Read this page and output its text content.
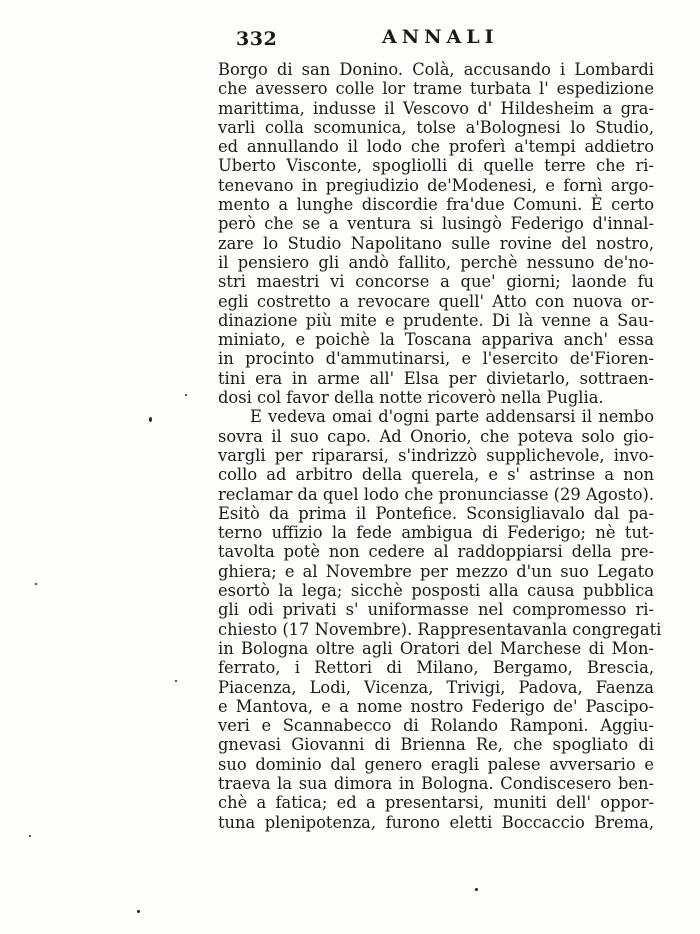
332	ANNALI
Borgo di san Donino. Colà, accusando i Lombardi
che avessero colle lor trame turbata l' espedizione
marittima, indusse il Vescovo d' Hildesheim a gra-
varli colla scomunica, tolse a'Bolognesi lo Studio,
ed annullando il lodo che proferì a'tempi addietro
Uberto Visconte, spogliolli di quelle terre che ri-
tenevano in pregiudizio de'Modenesi, e fornì argo-
mento a lunghe discordie fra'due Comuni. È certo
però che se a ventura si lusingò Federigo d'innal-
zare lo Studio Napolitano sulle rovine del nostro,
il pensiero gli andò fallito, perchè nessuno de'no-
stri maestri vi concorse a que' giorni; laonde fu
egli costretto a revocare quell' Atto con nuova or-
dinazione più mite e prudente. Di là venne a Sau-
miniato, e poichè la Toscana appariva anch' essa
in procinto d'ammutinarsi, e l'esercito de'Fioren-
tini era in arme all' Elsa per divietarlo, sottraen-
dosi col favor della notte ricoverò nella Puglia.
E vedeva omai d'ogni parte addensarsi il nembo
sovra il suo capo. Ad Onorio, che poteva solo gio-
vargli per ripararsi, s'indrizzò supplichevole, invo-
collo ad arbitro della querela, e s' astrinse a non
reclamar da quel lodo che pronunciasse (29 Agosto).
Esitò da prima il Pontefice. Sconsigliavalo dal pa-
terno uffizio la fede ambigua di Federigo; nè tut-
tavolta potè non cedere al raddoppiarsi della pre-
ghiera; e al Novembre per mezzo d'un suo Legato
esortò la lega; sicchè posposti alla causa pubblica
gli odi privati s' uniformasse nel compromesso ri-
chiesto (17 Novembre). Rappresentavanla congregati
in Bologna oltre agli Oratori del Marchese di Mon-
ferrato, i Rettori di Milano, Bergamo, Brescia,
Piacenza, Lodi, Vicenza, Trivigi, Padova, Faenza
e Mantova, e a nome nostro Federigo de' Pascipo-
veri e Scannabecco di Rolando Ramponi. Aggiu-
gnevasi Giovanni di Brienna Re, che spogliato di
suo dominio dal genero eragli palese avversario e
traeva la sua dimora in Bologna. Condiscesero ben-
chè a fatica; ed a presentarsi, muniti dell' oppor-
tuna plenipotenza, furono eletti Boccaccio Brema,
